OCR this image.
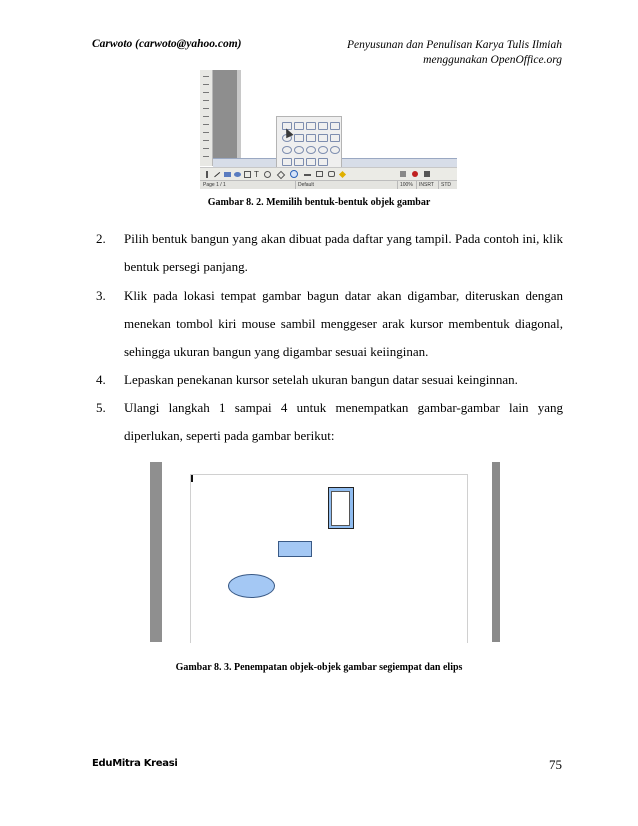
Carwoto (carwoto@yahoo.com)	Penyusunan dan Penulisan Karya Tulis Ilmiah
menggunakan OpenOffice.org
T
Page 1 / 1	Default	100%	INSRT	STD
Gambar 8. 2. Memilih bentuk-bentuk objek gambar
2. Pilih bentuk bangun yang akan dibuat pada daftar yang tampil. Pada contoh ini, klik bentuk persegi panjang.
3. Klik pada lokasi tempat gambar bagun datar akan digambar, diteruskan dengan menekan tombol kiri mouse sambil menggeser arak kursor membentuk diagonal, sehingga ukuran bangun yang digambar sesuai keiinginan.
4. Lepaskan penekanan kursor setelah ukuran bangun datar sesuai keinginnan.
5. Ulangi langkah 1 sampai 4 untuk menempatkan gambar-gambar lain yang diperlukan, seperti pada gambar berikut:
Gambar 8. 3. Penempatan objek-objek gambar segiempat dan elips
EduMitra Kreasi	75
